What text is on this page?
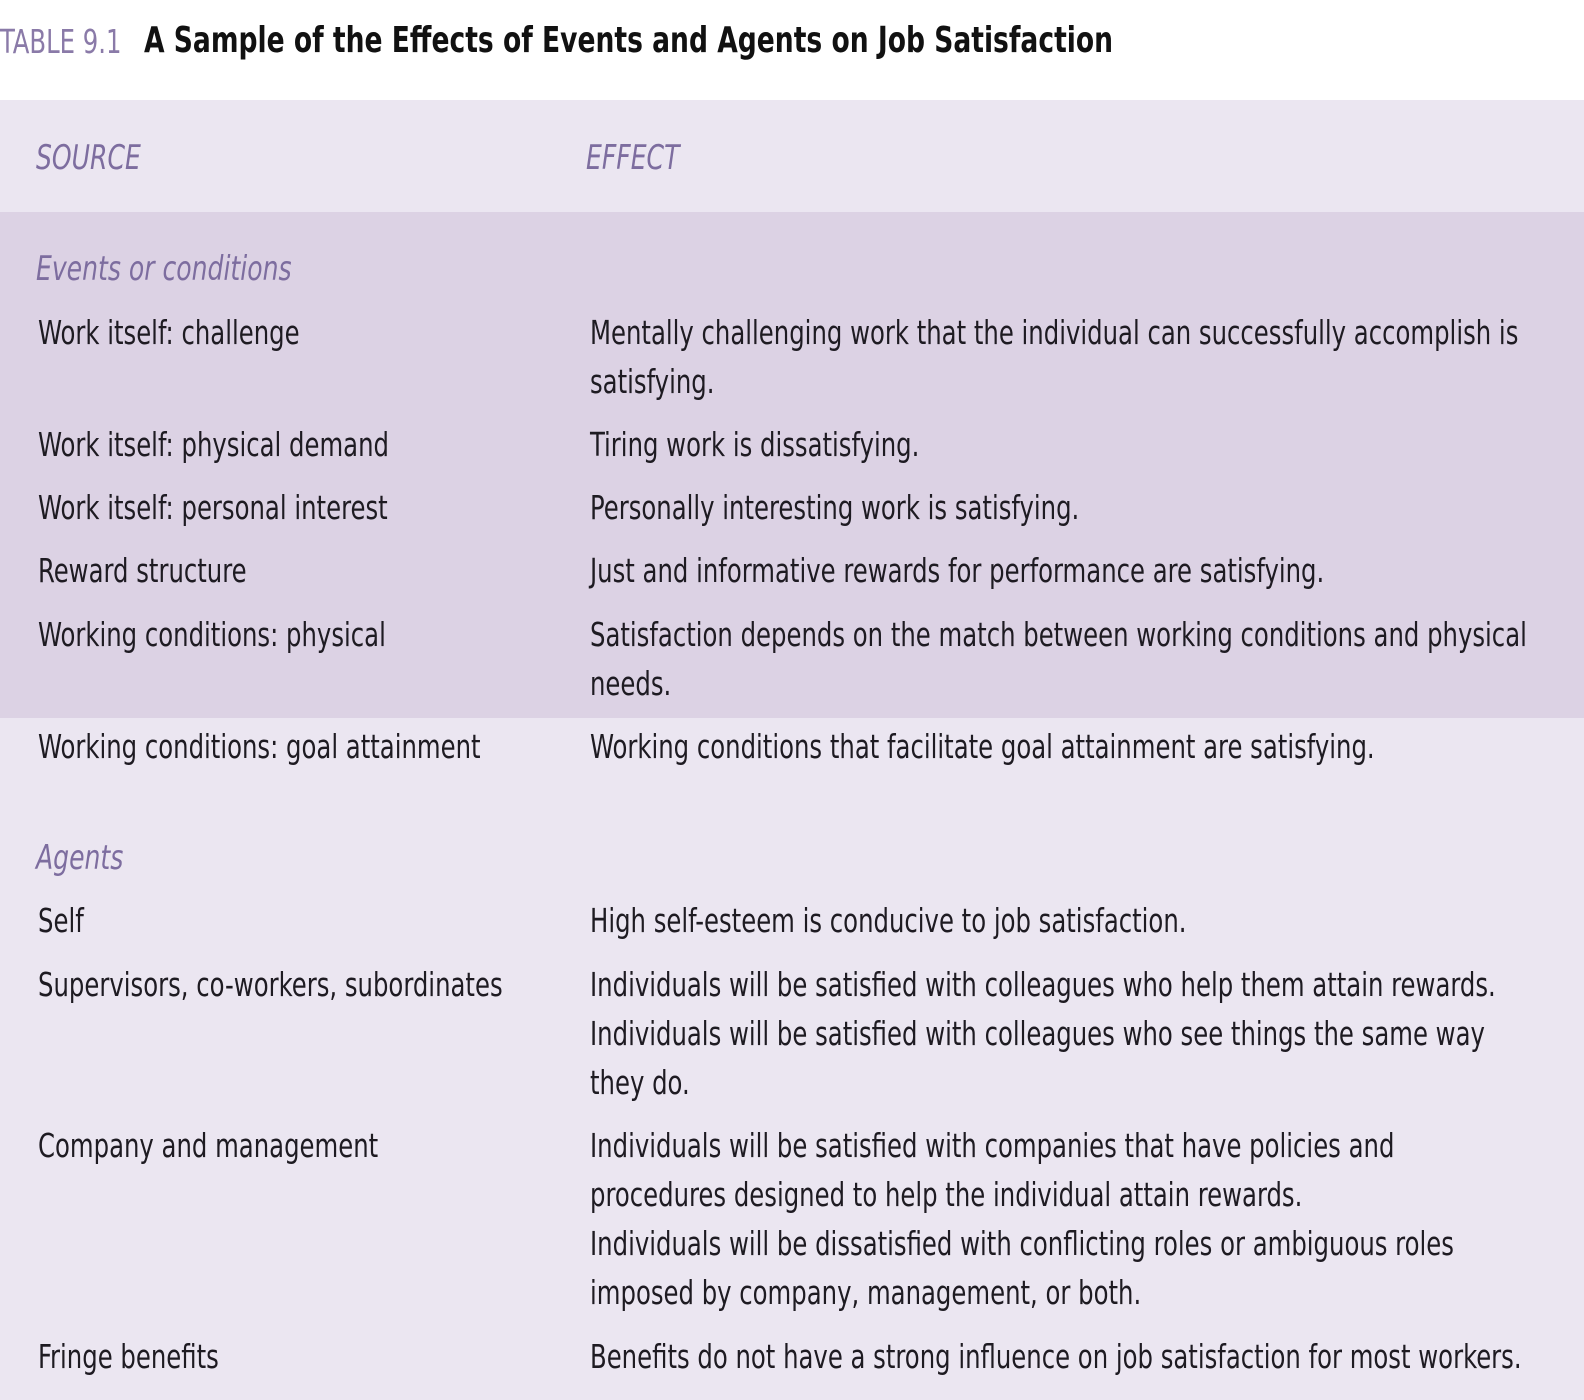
TABLE 9.1 A Sample of the Effects of Events and Agents on Job Satisfaction
SOURCE	EFFECT
Events or conditions
Work itself: challenge	Mentally challenging work that the individual can successfully accomplish is
satisfying.
Work itself: physical demand	Tiring work is dissatisfying.
Work itself: personal interest	Personally interesting work is satisfying.
Reward structure	Just and informative rewards for performance are satisfying.
Working conditions: physical	Satisfaction depends on the match between working conditions and physical
needs.
Working conditions: goal attainment	Working conditions that facilitate goal attainment are satisfying.
Agents
Self	High self-esteem is conducive to job satisfaction.
Supervisors, co-workers, subordinates	Individuals will be satisfied with colleagues who help them attain rewards.
Individuals will be satisfied with colleagues who see things the same way
they do.
Company and management	Individuals will be satisfied with companies that have policies and
procedures designed to help the individual attain rewards.
Individuals will be dissatisfied with conflicting roles or ambiguous roles
imposed by company, management, or both.
Fringe benefits	Benefits do not have a strong influence on job satisfaction for most workers.
